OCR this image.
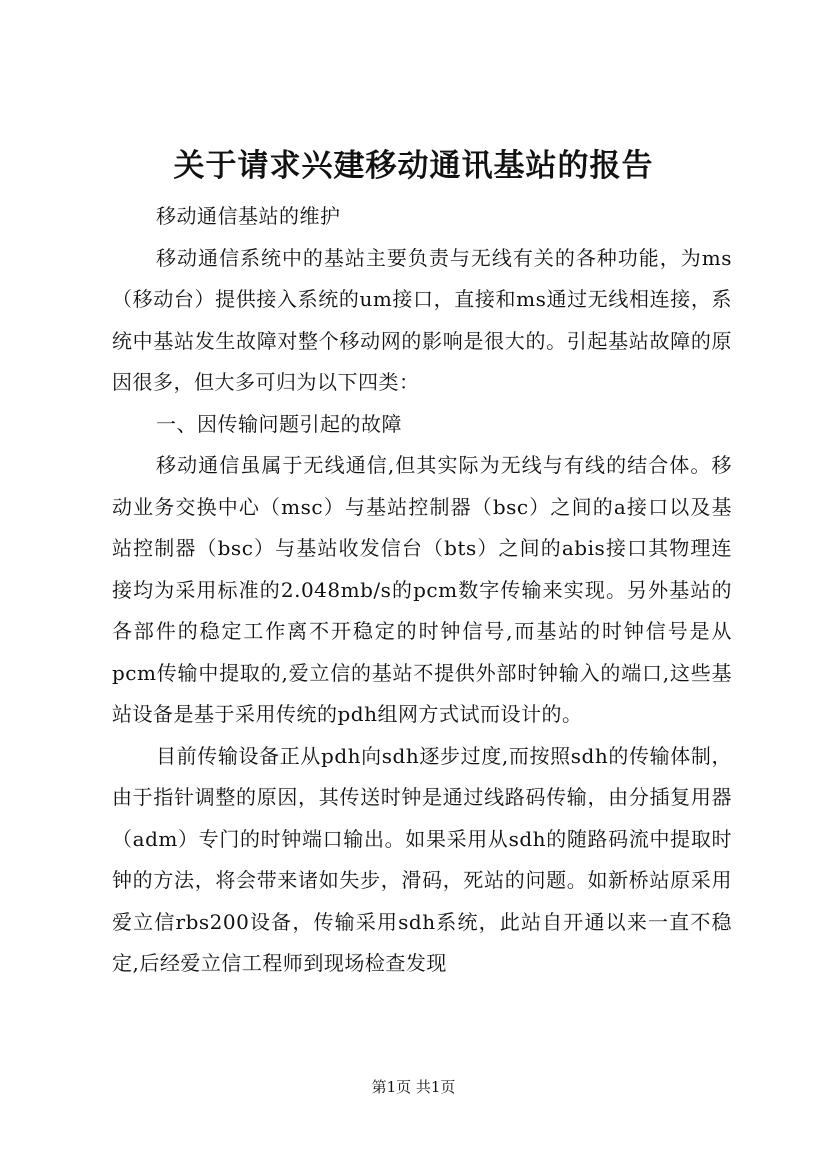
关于请求兴建移动通讯基站的报告

移动通信基站的维护

移动通信系统中的基站主要负责与无线有关的各种功能，为ms（移动台）提供接入系统的um接口，直接和ms通过无线相连接，系统中基站发生故障对整个移动网的影响是很大的。引起基站故障的原因很多，但大多可归为以下四类：

一、因传输问题引起的故障

移动通信虽属于无线通信,但其实际为无线与有线的结合体。移动业务交换中心（msc）与基站控制器（bsc）之间的a接口以及基站控制器（bsc）与基站收发信台（bts）之间的abis接口其物理连接均为采用标准的2.048mb/s的pcm数字传输来实现。另外基站的各部件的稳定工作离不开稳定的时钟信号,而基站的时钟信号是从pcm传输中提取的,爱立信的基站不提供外部时钟输入的端口,这些基站设备是基于采用传统的pdh组网方式试而设计的。

目前传输设备正从pdh向sdh逐步过度,而按照sdh的传输体制，由于指针调整的原因，其传送时钟是通过线路码传输，由分插复用器（adm）专门的时钟端口输出。如果采用从sdh的随路码流中提取时钟的方法，将会带来诸如失步，滑码，死站的问题。如新桥站原采用爱立信rbs200设备，传输采用sdh系统，此站自开通以来一直不稳定,后经爱立信工程师到现场检查发现

第1页 共1页
